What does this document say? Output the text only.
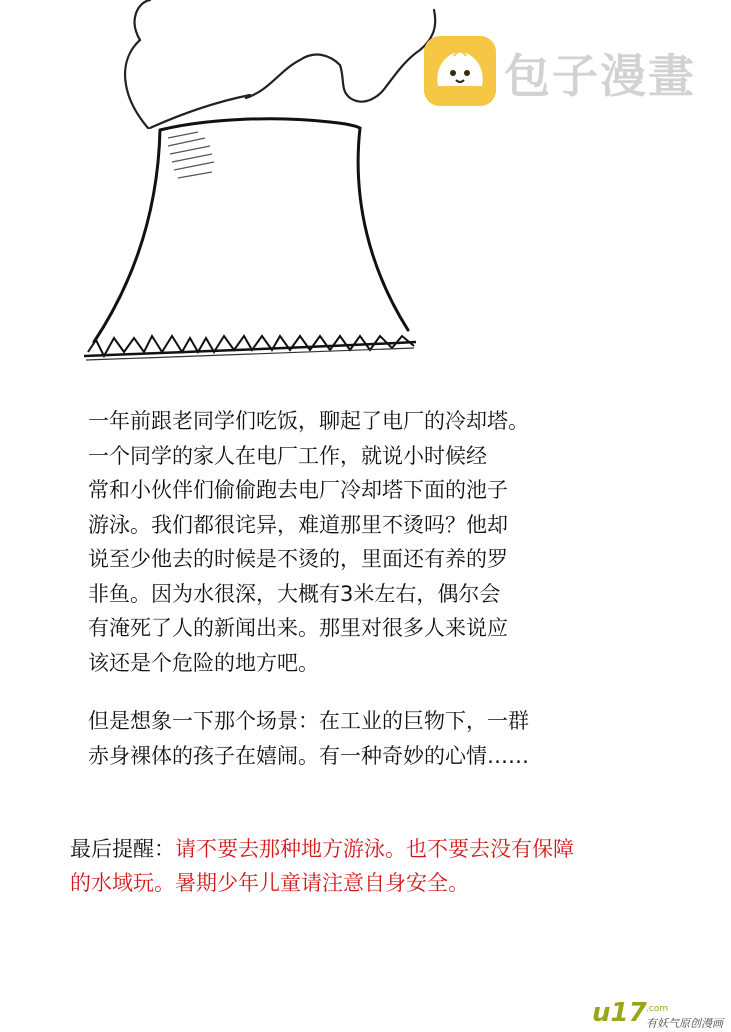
包子漫畫
一年前跟老同学们吃饭，聊起了电厂的冷却塔。
一个同学的家人在电厂工作，就说小时候经
常和小伙伴们偷偷跑去电厂冷却塔下面的池子
游泳。我们都很诧异，难道那里不烫吗？他却
说至少他去的时候是不烫的，里面还有养的罗
非鱼。因为水很深，大概有3米左右，偶尔会
有淹死了人的新闻出来。那里对很多人来说应
该还是个危险的地方吧。
但是想象一下那个场景：在工业的巨物下，一群
赤身裸体的孩子在嬉闹。有一种奇妙的心情……
最后提醒：请不要去那种地方游泳。也不要去没有保障
的水域玩。暑期少年儿童请注意自身安全。
u17 .com
有妖气原创漫画
